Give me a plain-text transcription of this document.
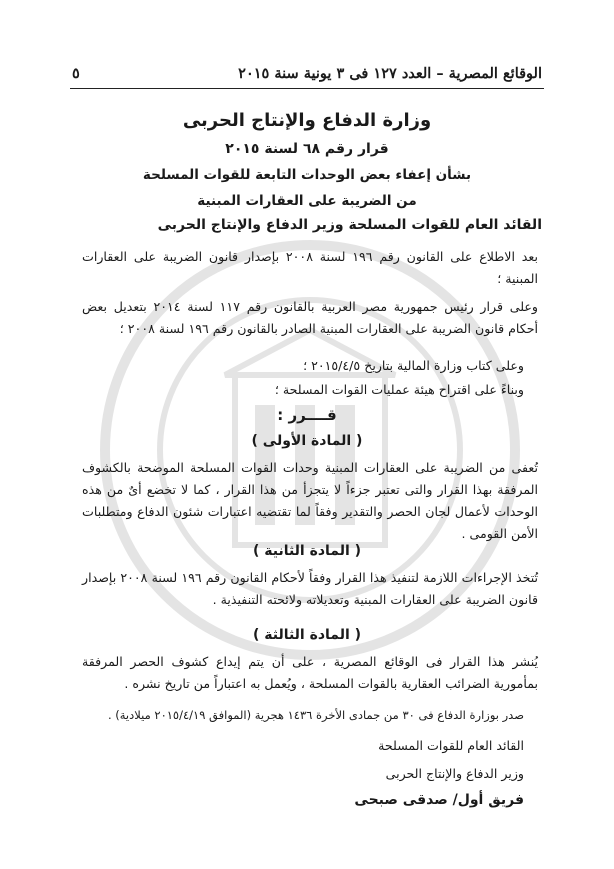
الوقائع المصرية – العدد ١٢٧ فى ٣ يونية سنة ٢٠١٥
٥

وزارة الدفاع والإنتاج الحربى

قرار رقم ٦٨ لسنة ٢٠١٥

بشأن إعفاء بعض الوحدات التابعة للقوات المسلحة

من الضريبة على العقارات المبنية

القائد العام للقوات المسلحة وزير الدفاع والإنتاج الحربى

بعد الاطلاع على القانون رقم ١٩٦ لسنة ٢٠٠٨ بإصدار قانون الضريبة على العقارات المبنية ؛

وعلى قرار رئيس جمهورية مصر العربية بالقانون رقم ١١٧ لسنة ٢٠١٤ بتعديل بعض أحكام قانون الضريبة على العقارات المبنية الصادر بالقانون رقم ١٩٦ لسنة ٢٠٠٨ ؛

وعلى كتاب وزارة المالية بتاريخ ٢٠١٥/٤/٥ ؛

وبناءً على اقتراح هيئة عمليات القوات المسلحة ؛

قــــرر :

( المادة الأولى )

تُعفى من الضريبة على العقارات المبنية وحدات القوات المسلحة الموضحة بالكشوف المرفقة بهذا القرار والتى تعتبر جزءاً لا يتجزأ من هذا القرار ، كما لا تخضع أىٌ من هذه الوحدات لأعمال لجان الحصر والتقدير وفقاً لما تقتضيه اعتبارات شئون الدفاع ومتطلبات الأمن القومى .

( المادة الثانية )

تُتخذ الإجراءات اللازمة لتنفيذ هذا القرار وفقاً لأحكام القانون رقم ١٩٦ لسنة ٢٠٠٨ بإصدار قانون الضريبة على العقارات المبنية وتعديلاته ولائحته التنفيذية .

( المادة الثالثة )

يُنشر هذا القرار فى الوقائع المصرية ، على أن يتم إيداع كشوف الحصر المرفقة بمأمورية الضرائب العقارية بالقوات المسلحة ، ويُعمل به اعتباراً من تاريخ نشره .

صدر بوزارة الدفاع فى ٣٠ من جمادى الأخرة ١٤٣٦ هجرية (الموافق ٢٠١٥/٤/١٩ ميلادية) .

القائد العام للقوات المسلحة

وزير الدفاع والإنتاج الحربى

فريق أول/ صدقى صبحى
